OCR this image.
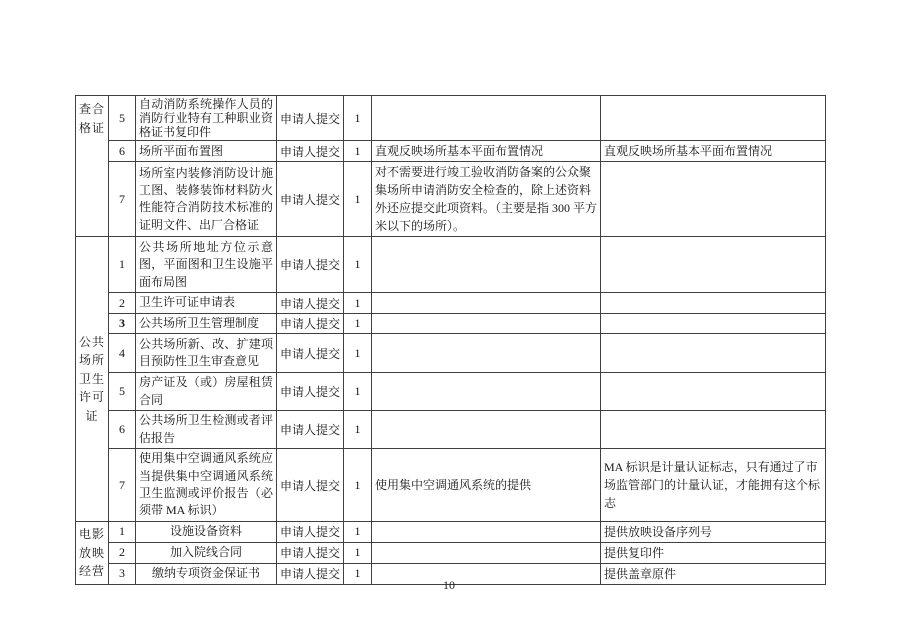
查合格证	5	自动消防系统操作人员的消防行业特有工种职业资格证书复印件	申请人提交	1		
	6	场所平面布置图	申请人提交	1	直观反映场所基本平面布置情况	直观反映场所基本平面布置情况
	7	场所室内装修消防设计施工图、装修装饰材料防火性能符合消防技术标准的证明文件、出厂合格证	申请人提交	1	对不需要进行竣工验收消防备案的公众聚集场所申请消防安全检查的，除上述资料外还应提交此项资料。（主要是指 300 平方米以下的场所）。	
公共场所卫生许可证	1	公共场所地址方位示意图，平面图和卫生设施平面布局图	申请人提交	1		
	2	卫生许可证申请表	申请人提交	1		
	3	公共场所卫生管理制度	申请人提交	1		
	4	公共场所新、改、扩建项目预防性卫生审查意见	申请人提交	1		
	5	房产证及（或）房屋租赁合同	申请人提交	1		
	6	公共场所卫生检测或者评估报告	申请人提交	1		
	7	使用集中空调通风系统应当提供集中空调通风系统卫生监测或评价报告（必须带 MA 标识）	申请人提交	1	使用集中空调通风系统的提供	MA 标识是计量认证标志，只有通过了市场监管部门的计量认证，才能拥有这个标志
电影放映经营	1	设施设备资料	申请人提交	1		提供放映设备序列号
	2	加入院线合同	申请人提交	1		提供复印件
	3	缴纳专项资金保证书	申请人提交	1		提供盖章原件
10
